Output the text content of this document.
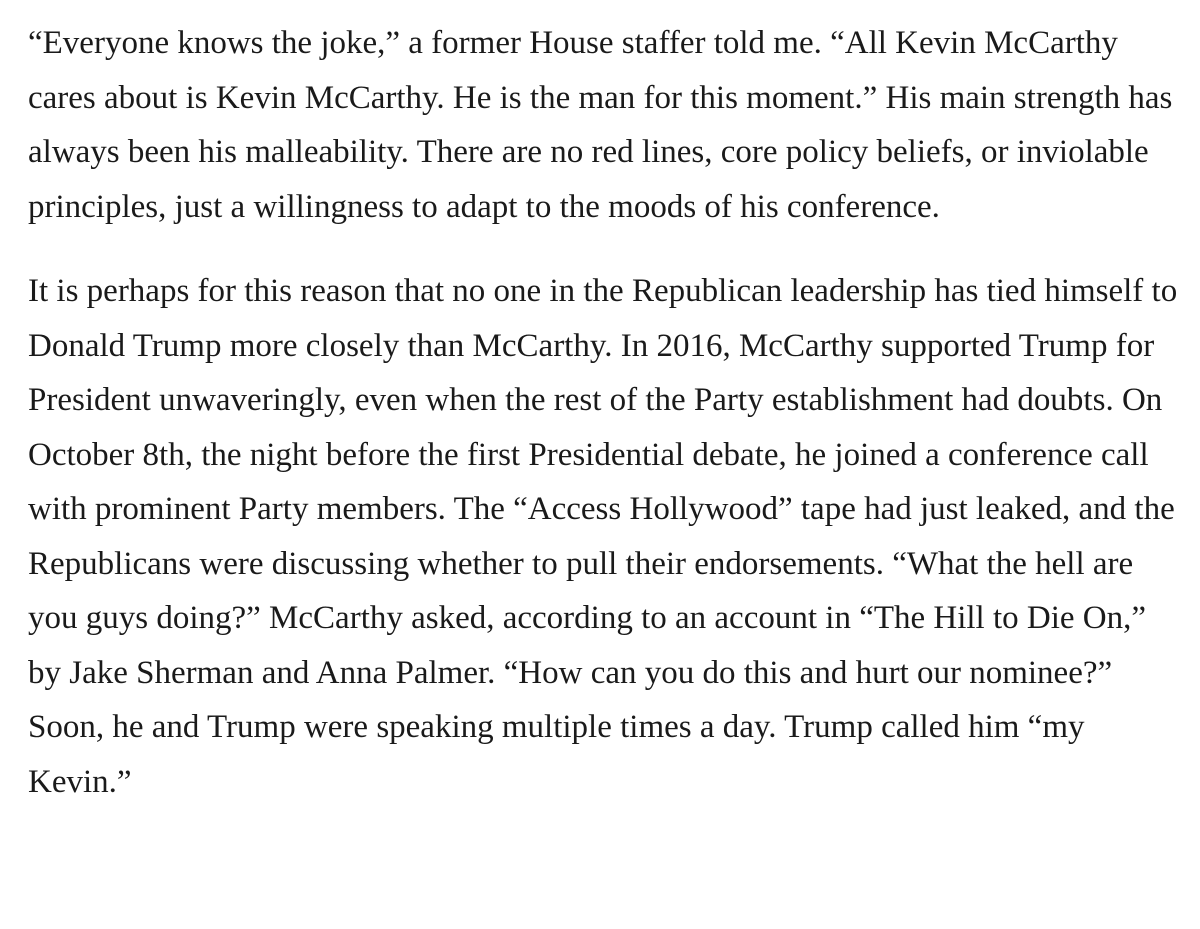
“Everyone knows the joke,” a former House staffer told me. “All Kevin McCarthy cares about is Kevin McCarthy. He is the man for this moment.” His main strength has always been his malleability. There are no red lines, core policy beliefs, or inviolable principles, just a willingness to adapt to the moods of his conference.

It is perhaps for this reason that no one in the Republican leadership has tied himself to Donald Trump more closely than McCarthy. In 2016, McCarthy supported Trump for President unwaveringly, even when the rest of the Party establishment had doubts. On October 8th, the night before the first Presidential debate, he joined a conference call with prominent Party members. The “Access Hollywood” tape had just leaked, and the Republicans were discussing whether to pull their endorsements. “What the hell are you guys doing?” McCarthy asked, according to an account in “The Hill to Die On,” by Jake Sherman and Anna Palmer. “How can you do this and hurt our nominee?” Soon, he and Trump were speaking multiple times a day. Trump called him “my Kevin.”
